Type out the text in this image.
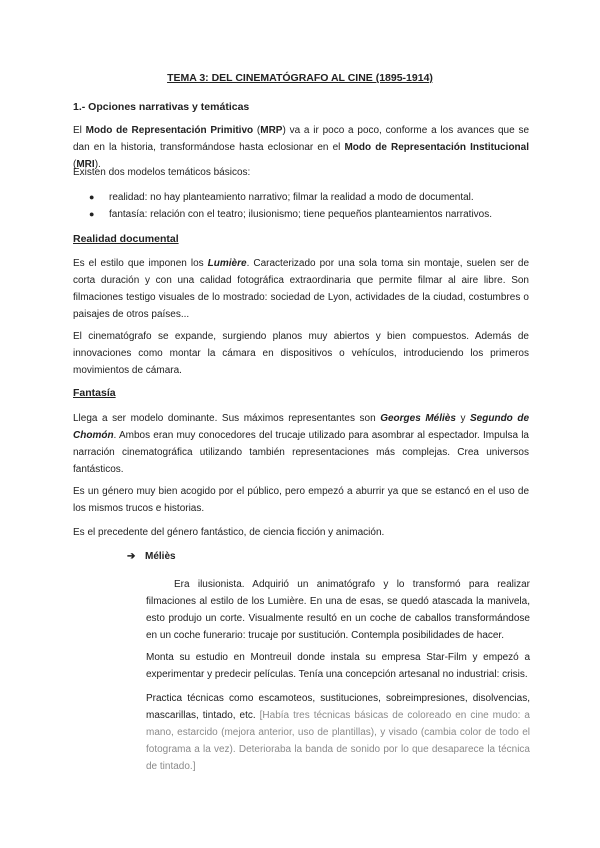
TEMA 3: DEL CINEMATÓGRAFO AL CINE (1895-1914)
1.- Opciones narrativas y temáticas
El Modo de Representación Primitivo (MRP) va a ir poco a poco, conforme a los avances que se dan en la historia, transformándose hasta eclosionar en el Modo de Representación Institucional (MRI).
Existen dos modelos temáticos básicos:
● realidad: no hay planteamiento narrativo; filmar la realidad a modo de documental.
● fantasía: relación con el teatro; ilusionismo; tiene pequeños planteamientos narrativos.
Realidad documental
Es el estilo que imponen los Lumière. Caracterizado por una sola toma sin montaje, suelen ser de corta duración y con una calidad fotográfica extraordinaria que permite filmar al aire libre. Son filmaciones testigo visuales de lo mostrado: sociedad de Lyon, actividades de la ciudad, costumbres o paisajes de otros países...
El cinematógrafo se expande, surgiendo planos muy abiertos y bien compuestos. Además de innovaciones como montar la cámara en dispositivos o vehículos, introduciendo los primeros movimientos de cámara.
Fantasía
Llega a ser modelo dominante. Sus máximos representantes son Georges Méliès y Segundo de Chomón. Ambos eran muy conocedores del trucaje utilizado para asombrar al espectador. Impulsa la narración cinematográfica utilizando también representaciones más complejas. Crea universos fantásticos.
Es un género muy bien acogido por el público, pero empezó a aburrir ya que se estancó en el uso de los mismos trucos e historias.
Es el precedente del género fantástico, de ciencia ficción y animación.
➔ Méliès
Era ilusionista. Adquirió un animatógrafo y lo transformó para realizar filmaciones al estilo de los Lumière. En una de esas, se quedó atascada la manivela, esto produjo un corte. Visualmente resultó en un coche de caballos transformándose en un coche funerario: trucaje por sustitución. Contempla posibilidades de hacer.
Monta su estudio en Montreuil donde instala su empresa Star-Film y empezó a experimentar y predecir películas. Tenía una concepción artesanal no industrial: crisis.
Practica técnicas como escamoteos, sustituciones, sobreimpresiones, disolvencias, mascarillas, tintado, etc. [Había tres técnicas básicas de coloreado en cine mudo: a mano, estarcido (mejora anterior, uso de plantillas), y visado (cambia color de todo el fotograma a la vez). Deterioraba la banda de sonido por lo que desaparece la técnica de tintado.]
